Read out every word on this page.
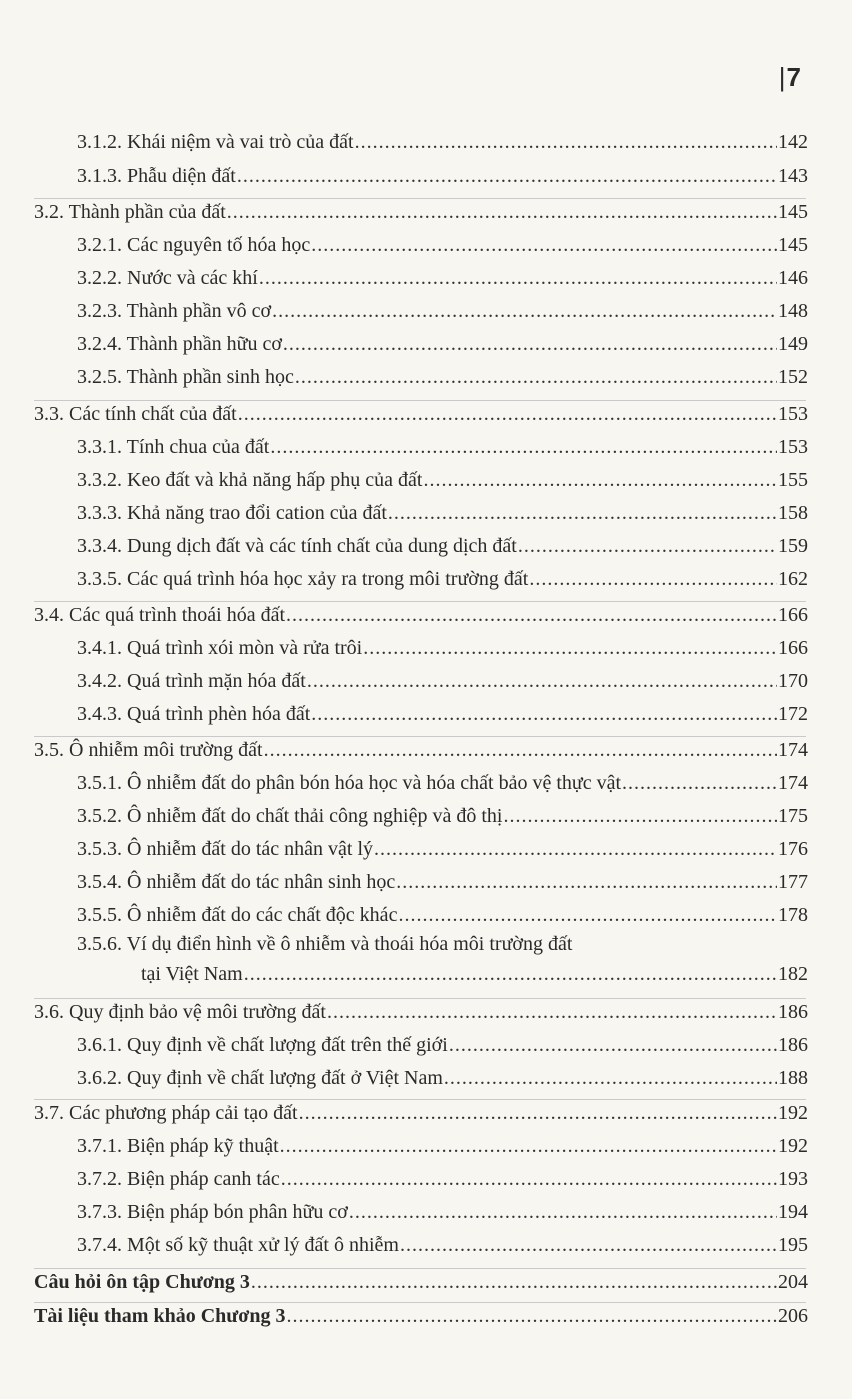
|7
3.1.2. Khái niệm và vai trò của đất .....	142
3.1.3. Phẫu diện đất .....	143
3.2. Thành phần của đất .....	145
3.2.1. Các nguyên tố hóa học .....	145
3.2.2. Nước và các khí .....	146
3.2.3. Thành phần vô cơ .....	148
3.2.4. Thành phần hữu cơ .....	149
3.2.5. Thành phần sinh học .....	152
3.3. Các tính chất của đất .....	153
3.3.1. Tính chua của đất .....	153
3.3.2. Keo đất và khả năng hấp phụ của đất .....	155
3.3.3. Khả năng trao đổi cation của đất .....	158
3.3.4. Dung dịch đất và các tính chất của dung dịch đất .....	159
3.3.5. Các quá trình hóa học xảy ra trong môi trường đất .....	162
3.4. Các quá trình thoái hóa đất .....	166
3.4.1. Quá trình xói mòn và rửa trôi .....	166
3.4.2. Quá trình mặn hóa đất .....	170
3.4.3. Quá trình phèn hóa đất .....	172
3.5. Ô nhiễm môi trường đất .....	174
3.5.1. Ô nhiễm đất do phân bón hóa học và hóa chất bảo vệ thực vật .....	174
3.5.2. Ô nhiễm đất do chất thải công nghiệp và đô thị .....	175
3.5.3. Ô nhiễm đất do tác nhân vật lý .....	176
3.5.4. Ô nhiễm đất do tác nhân sinh học .....	177
3.5.5. Ô nhiễm đất do các chất độc khác .....	178
3.5.6. Ví dụ điển hình về ô nhiễm và thoái hóa môi trường đất
tại Việt Nam .....	182
3.6. Quy định bảo vệ môi trường đất .....	186
3.6.1. Quy định về chất lượng đất trên thế giới .....	186
3.6.2. Quy định về chất lượng đất ở Việt Nam .....	188
3.7. Các phương pháp cải tạo đất .....	192
3.7.1. Biện pháp kỹ thuật .....	192
3.7.2. Biện pháp canh tác .....	193
3.7.3. Biện pháp bón phân hữu cơ .....	194
3.7.4. Một số kỹ thuật xử lý đất ô nhiễm .....	195
Câu hỏi ôn tập Chương 3 .....	204
Tài liệu tham khảo Chương 3 .....	206
